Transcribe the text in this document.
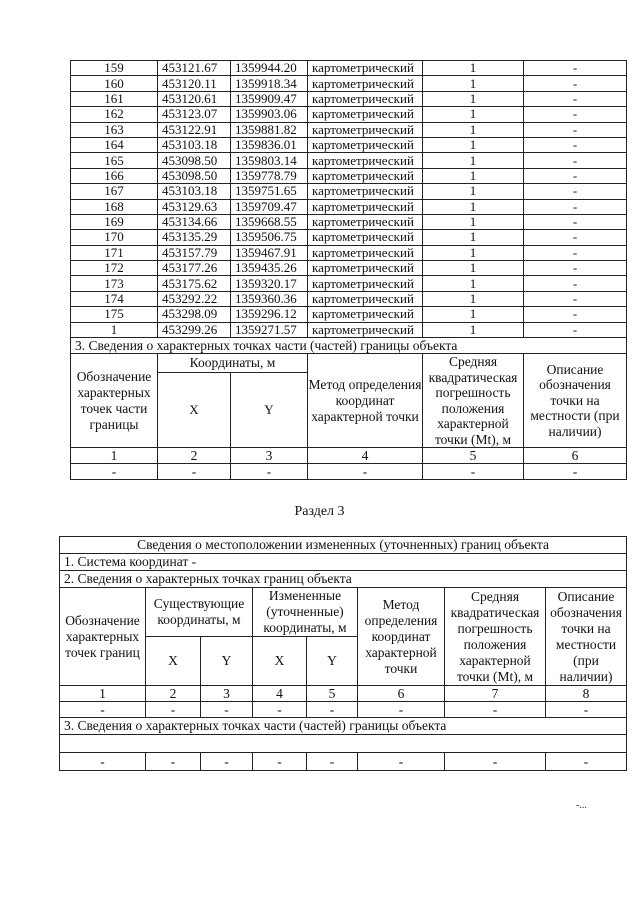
159	453121.67	1359944.20	картометрический	1	-
160	453120.11	1359918.34	картометрический	1	-
161	453120.61	1359909.47	картометрический	1	-
162	453123.07	1359903.06	картометрический	1	-
163	453122.91	1359881.82	картометрический	1	-
164	453103.18	1359836.01	картометрический	1	-
165	453098.50	1359803.14	картометрический	1	-
166	453098.50	1359778.79	картометрический	1	-
167	453103.18	1359751.65	картометрический	1	-
168	453129.63	1359709.47	картометрический	1	-
169	453134.66	1359668.55	картометрический	1	-
170	453135.29	1359506.75	картометрический	1	-
171	453157.79	1359467.91	картометрический	1	-
172	453177.26	1359435.26	картометрический	1	-
173	453175.62	1359320.17	картометрический	1	-
174	453292.22	1359360.36	картометрический	1	-
175	453298.09	1359296.12	картометрический	1	-
1	453299.26	1359271.57	картометрический	1	-
3. Сведения о характерных точках части (частей) границы объекта					
Обозначение характерных точек части границы	Координаты, м		Метод определения координат характерной точки	Средняя квадратическая погрешность положения характерной точки (Mt), м	Описание обозначения точки на местности (при наличии)
	X	Y			
1	2	3	4	5	6
-	-	-	-	-	-
Раздел 3
Сведения о местоположении измененных (уточненных) границ объекта							
1. Система координат -							
2. Сведения о характерных точках границ объекта							
Обозначение характерных точек границ	Существующие координаты, м		Измененные (уточненные) координаты, м		Метод определения координат характерной точки	Средняя квадратическая погрешность положения характерной точки (Mt), м	Описание обозначения точки на местности (при наличии)
	X	Y	X	Y			
1	2	3	4	5	6	7	8
-	-	-	-	-	-	-	-
3. Сведения о характерных точках части (частей) границы объекта							

-	-	-	-	-	-	-	-
-...
